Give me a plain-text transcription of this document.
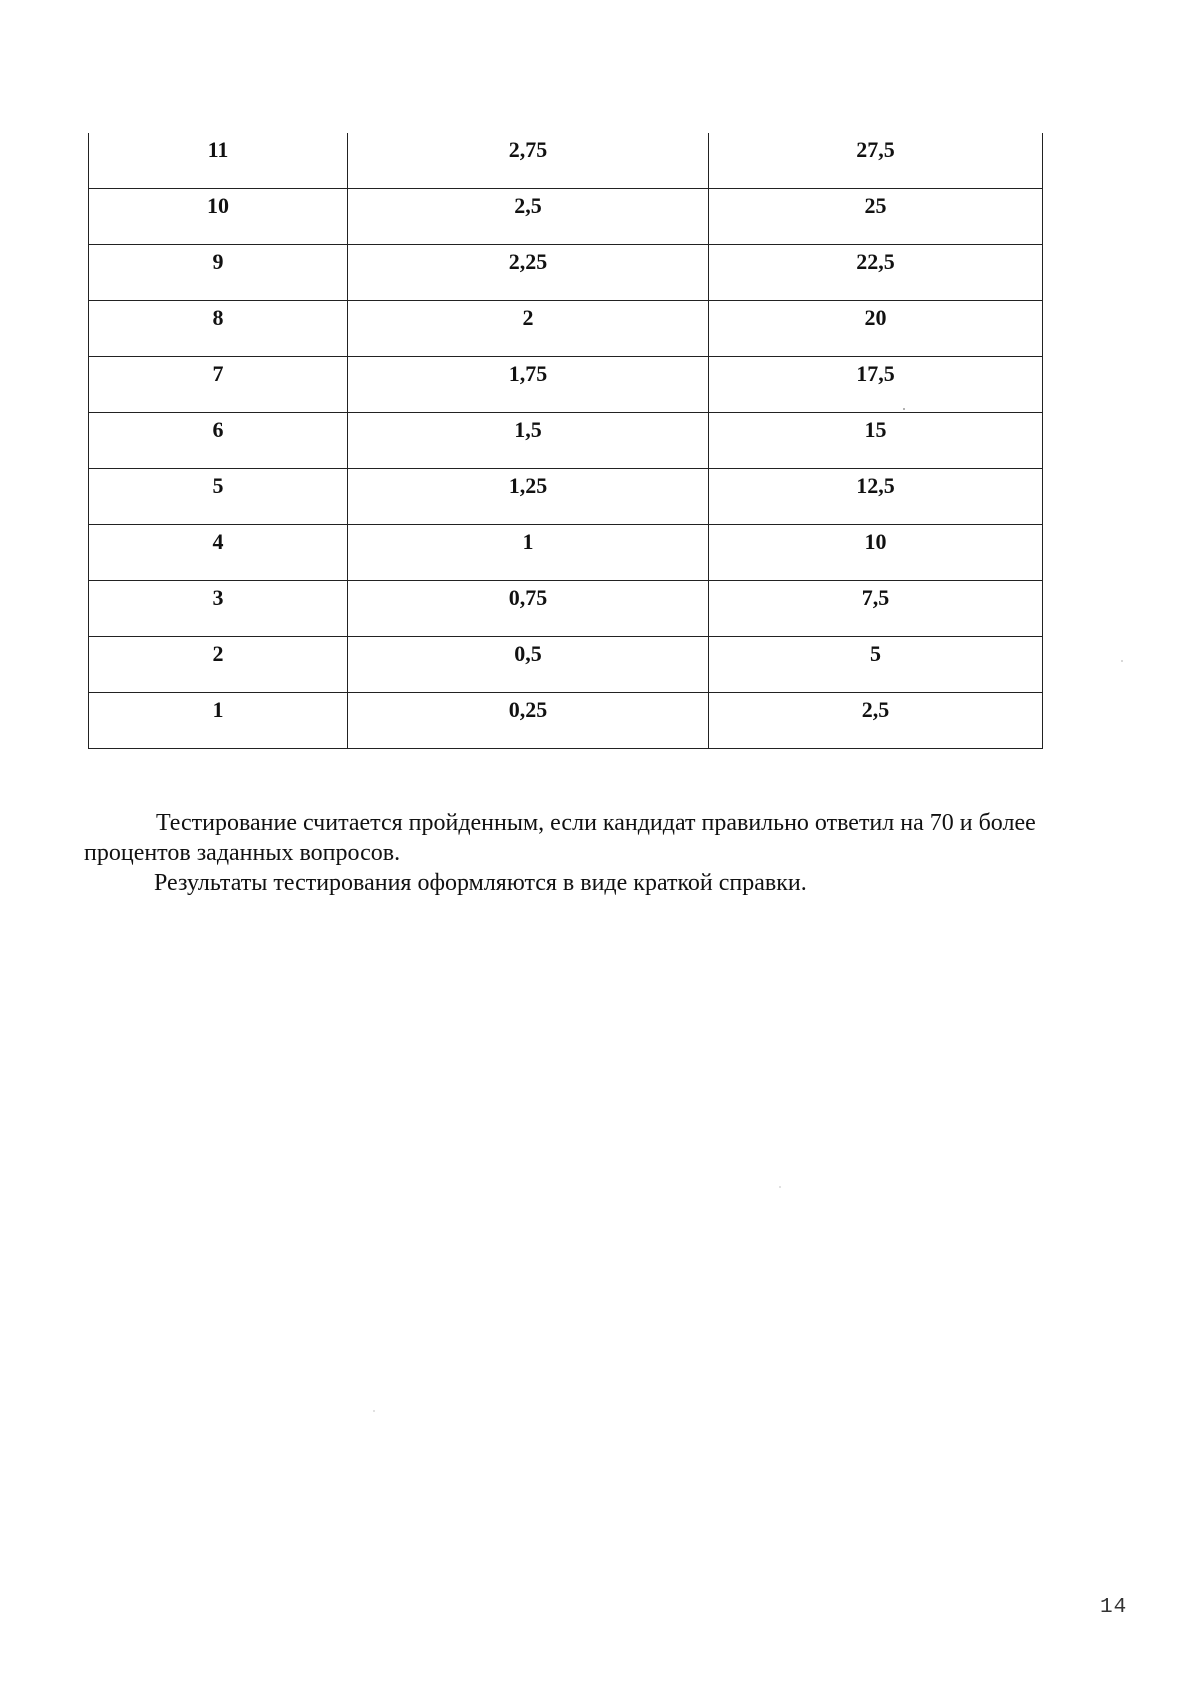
11	2,75	27,5
10	2,5	25
9	2,25	22,5
8	2	20
7	1,75	17,5
6	1,5	15
5	1,25	12,5
4	1	10
3	0,75	7,5
2	0,5	5
1	0,25	2,5

Тестирование считается пройденным, если кандидат правильно ответил на 70 и более процентов заданных вопросов.

Результаты тестирования оформляются в виде краткой справки.

14
